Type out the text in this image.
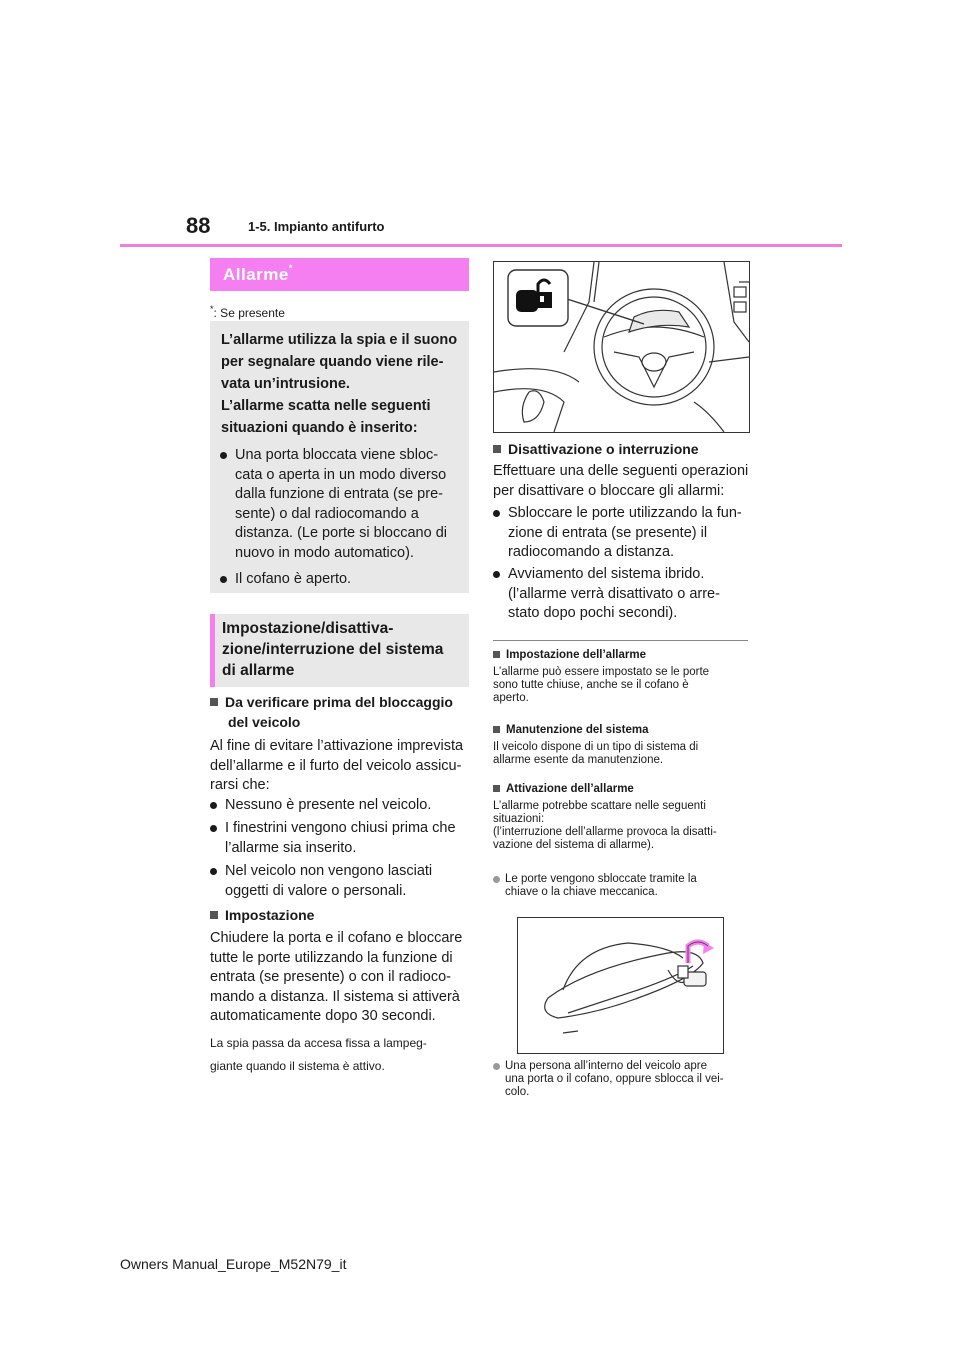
88	1-5. Impianto antifurto
Allarme*
*: Se presente
L’allarme utilizza la spia e il suono
per segnalare quando viene rile-
vata un’intrusione.
L’allarme scatta nelle seguenti
situazioni quando è inserito:
Una porta bloccata viene sbloc-
cata o aperta in un modo diverso
dalla funzione di entrata (se pre-
sente) o dal radiocomando a
distanza. (Le porte si bloccano di
nuovo in modo automatico).
Il cofano è aperto.
Impostazione/disattiva-
zione/interruzione del sistema
di allarme
Da verificare prima del bloccaggio
del veicolo
Al fine di evitare l’attivazione imprevista
dell’allarme e il furto del veicolo assicu-
rarsi che:
Nessuno è presente nel veicolo.
I finestrini vengono chiusi prima che
l’allarme sia inserito.
Nel veicolo non vengono lasciati
oggetti di valore o personali.
Impostazione
Chiudere la porta e il cofano e bloccare
tutte le porte utilizzando la funzione di
entrata (se presente) o con il radioco-
mando a distanza. Il sistema si attiverà
automaticamente dopo 30 secondi.
La spia passa da accesa fissa a lampeg-
giante quando il sistema è attivo.
Disattivazione o interruzione
Effettuare una delle seguenti operazioni
per disattivare o bloccare gli allarmi:
Sbloccare le porte utilizzando la fun-
zione di entrata (se presente) il
radiocomando a distanza.
Avviamento del sistema ibrido.
(l’allarme verrà disattivato o arre-
stato dopo pochi secondi).
Impostazione dell’allarme
L’allarme può essere impostato se le porte
sono tutte chiuse, anche se il cofano è
aperto.
Manutenzione del sistema
Il veicolo dispone di un tipo di sistema di
allarme esente da manutenzione.
Attivazione dell’allarme
L’allarme potrebbe scattare nelle seguenti
situazioni:
(l’interruzione dell’allarme provoca la disatti-
vazione del sistema di allarme).
Le porte vengono sbloccate tramite la
chiave o la chiave meccanica.
Una persona all’interno del veicolo apre
una porta o il cofano, oppure sblocca il vei-
colo.
Owners Manual_Europe_M52N79_it
